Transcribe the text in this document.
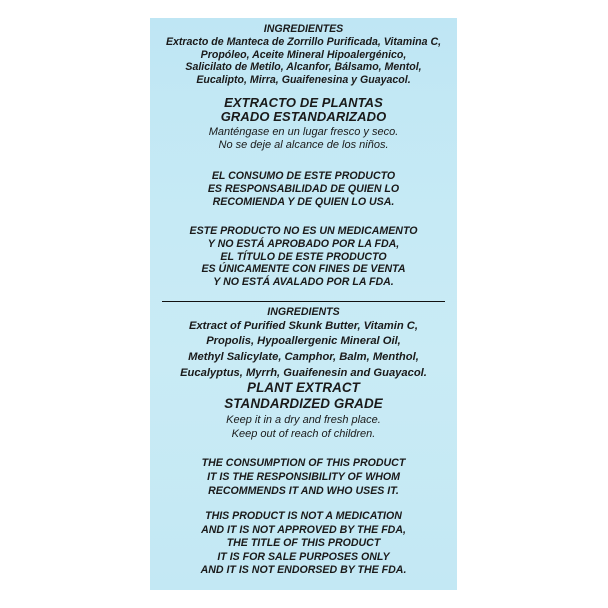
INGREDIENTES
Extracto de Manteca de Zorrillo Purificada, Vitamina C,
Propóleo, Aceite Mineral Hipoalergénico,
Salicilato de Metilo, Alcanfor, Bálsamo, Mentol,
Eucalipto, Mirra, Guaifenesina y Guayacol.
EXTRACTO DE PLANTAS
GRADO ESTANDARIZADO
Manténgase en un lugar fresco y seco.
No se deje al alcance de los niños.
EL CONSUMO DE ESTE PRODUCTO
ES RESPONSABILIDAD DE QUIEN LO
RECOMIENDA Y DE QUIEN LO USA.
ESTE PRODUCTO NO ES UN MEDICAMENTO
Y NO ESTÁ APROBADO POR LA FDA,
EL TÍTULO DE ESTE PRODUCTO
ES ÚNICAMENTE CON FINES DE VENTA
Y NO ESTÁ AVALADO POR LA FDA.
INGREDIENTS
Extract of Purified Skunk Butter, Vitamin C,
Propolis, Hypoallergenic Mineral Oil,
Methyl Salicylate, Camphor, Balm, Menthol,
Eucalyptus, Myrrh, Guaifenesin and Guayacol.
PLANT EXTRACT
STANDARDIZED GRADE
Keep it in a dry and fresh place.
Keep out of reach of children.
THE CONSUMPTION OF THIS PRODUCT
IT IS THE RESPONSIBILITY OF WHOM
RECOMMENDS IT AND WHO USES IT.
THIS PRODUCT IS NOT A MEDICATION
AND IT IS NOT APPROVED BY THE FDA,
THE TITLE OF THIS PRODUCT
IT IS FOR SALE PURPOSES ONLY
AND IT IS NOT ENDORSED BY THE FDA.
